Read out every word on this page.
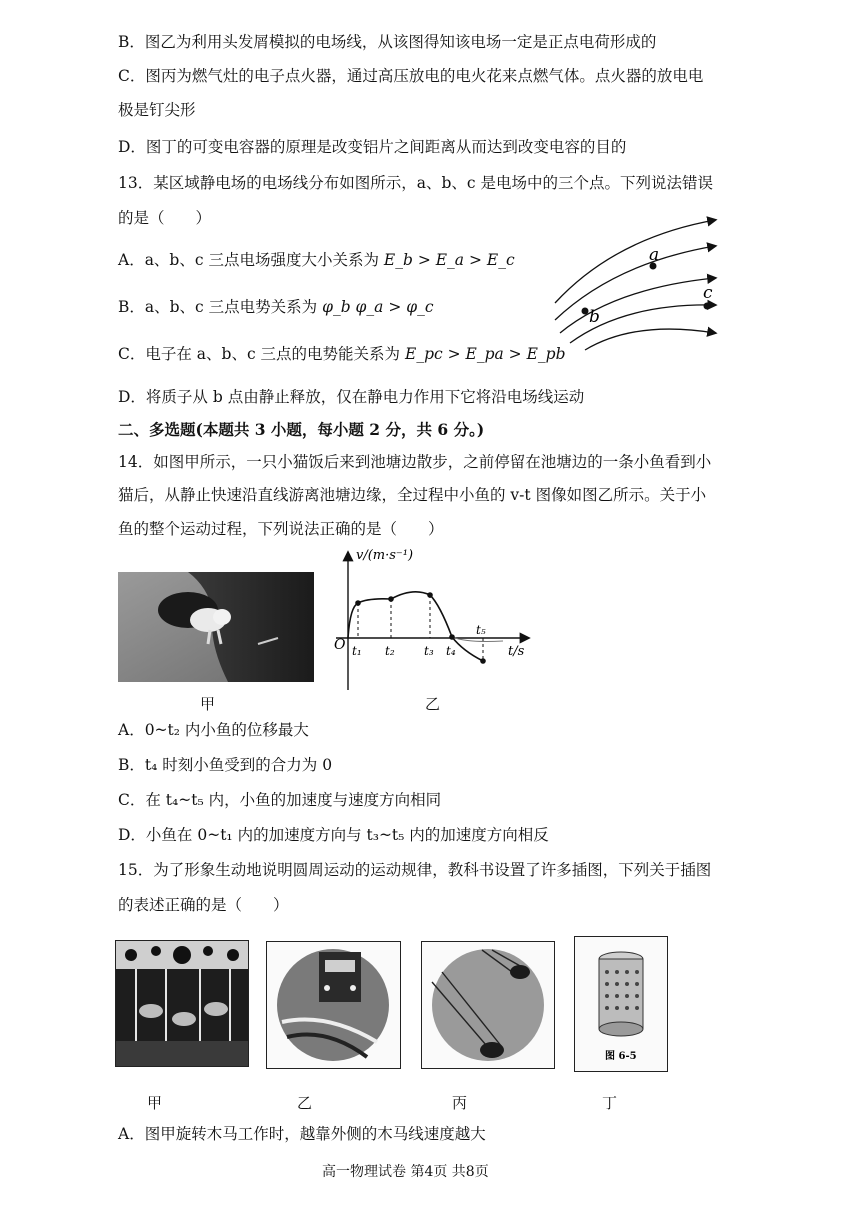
B．图乙为利用头发屑模拟的电场线，从该图得知该电场一定是正点电荷形成的
C．图丙为燃气灶的电子点火器，通过高压放电的电火花来点燃气体。点火器的放电电
极是钉尖形
D．图丁的可变电容器的原理是改变铝片之间距离从而达到改变电容的目的
13．某区域静电场的电场线分布如图所示，a、b、c 是电场中的三个点。下列说法错误
的是（　　）
A．a、b、c 三点电场强度大小关系为 E_b > E_a > E_c
B．a、b、c 三点电势关系为 φ_b φ_a > φ_c
C．电子在 a、b、c 三点的电势能关系为 E_pc > E_pa > E_pb
D．将质子从 b 点由静止释放，仅在静电力作用下它将沿电场线运动
a
b
c
二、多选题(本题共 3 小题，每小题 2 分，共 6 分。)
14．如图甲所示，一只小猫饭后来到池塘边散步，之前停留在池塘边的一条小鱼看到小
猫后，从静止快速沿直线游离池塘边缘，全过程中小鱼的 v-t 图像如图乙所示。关于小
鱼的整个运动过程，下列说法正确的是（　　）
甲
v/(m·s⁻¹)
t/s
O t₁ t₂ t₃ t₄
t₅
乙
A．0~t₂ 内小鱼的位移最大
B．t₄ 时刻小鱼受到的合力为 0
C．在 t₄~t₅ 内，小鱼的加速度与速度方向相同
D．小鱼在 0~t₁ 内的加速度方向与 t₃~t₅ 内的加速度方向相反
15．为了形象生动地说明圆周运动的运动规律，教科书设置了许多插图，下列关于插图
的表述正确的是（　　）
图 6-5
甲	乙	丙	丁
A．图甲旋转木马工作时，越靠外侧的木马线速度越大
高一物理试卷 第4页 共8页
